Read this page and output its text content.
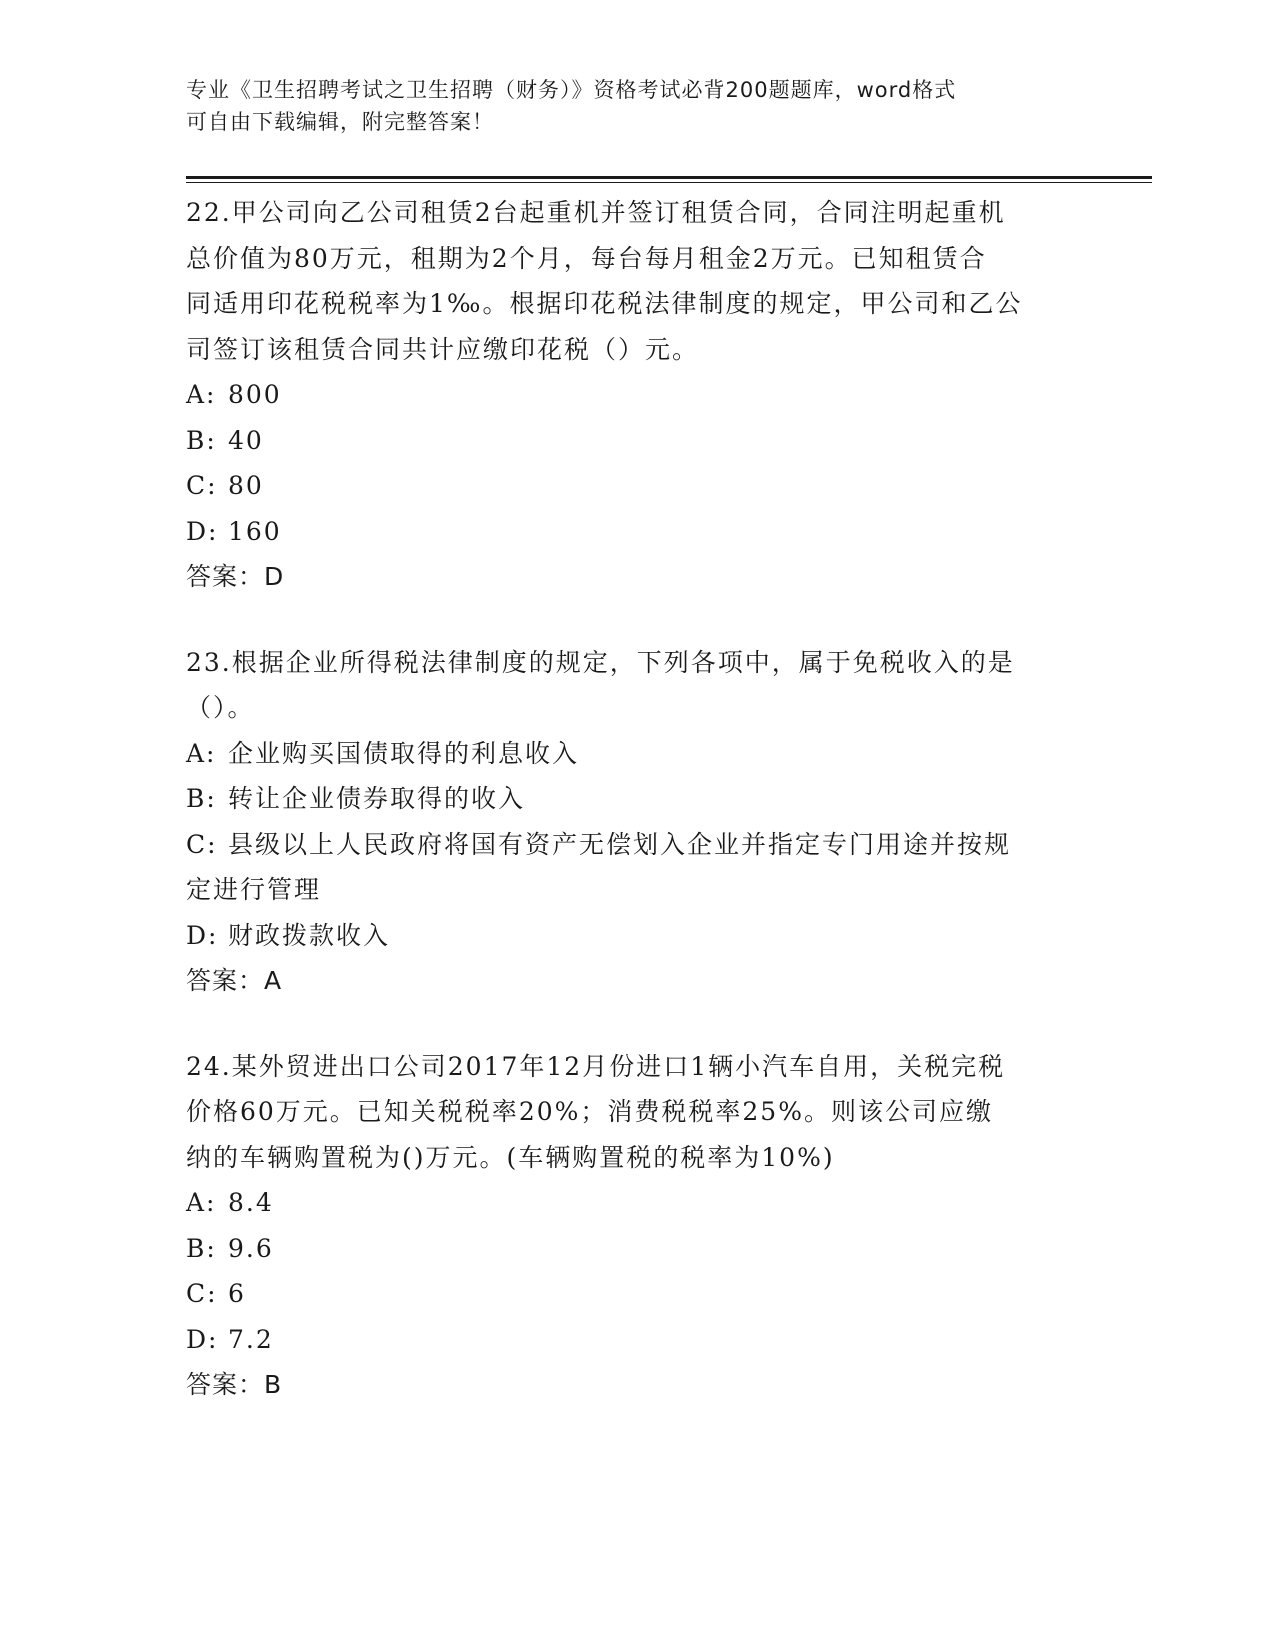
专业《卫生招聘考试之卫生招聘（财务）》资格考试必背200题题库，word格式
可自由下载编辑，附完整答案！
22.甲公司向乙公司租赁2台起重机并签订租赁合同，合同注明起重机
总价值为80万元，租期为2个月，每台每月租金2万元。已知租赁合
同适用印花税税率为1‰。根据印花税法律制度的规定，甲公司和乙公
司签订该租赁合同共计应缴印花税（）元。
A: 800
B: 40
C: 80
D: 160
答案：D
23.根据企业所得税法律制度的规定，下列各项中，属于免税收入的是
（）。
A: 企业购买国债取得的利息收入
B: 转让企业债券取得的收入
C: 县级以上人民政府将国有资产无偿划入企业并指定专门用途并按规
定进行管理
D: 财政拨款收入
答案：A
24.某外贸进出口公司2017年12月份进口1辆小汽车自用，关税完税
价格60万元。已知关税税率20%；消费税税率25%。则该公司应缴
纳的车辆购置税为()万元。(车辆购置税的税率为10%)
A: 8.4
B: 9.6
C: 6
D: 7.2
答案：B
